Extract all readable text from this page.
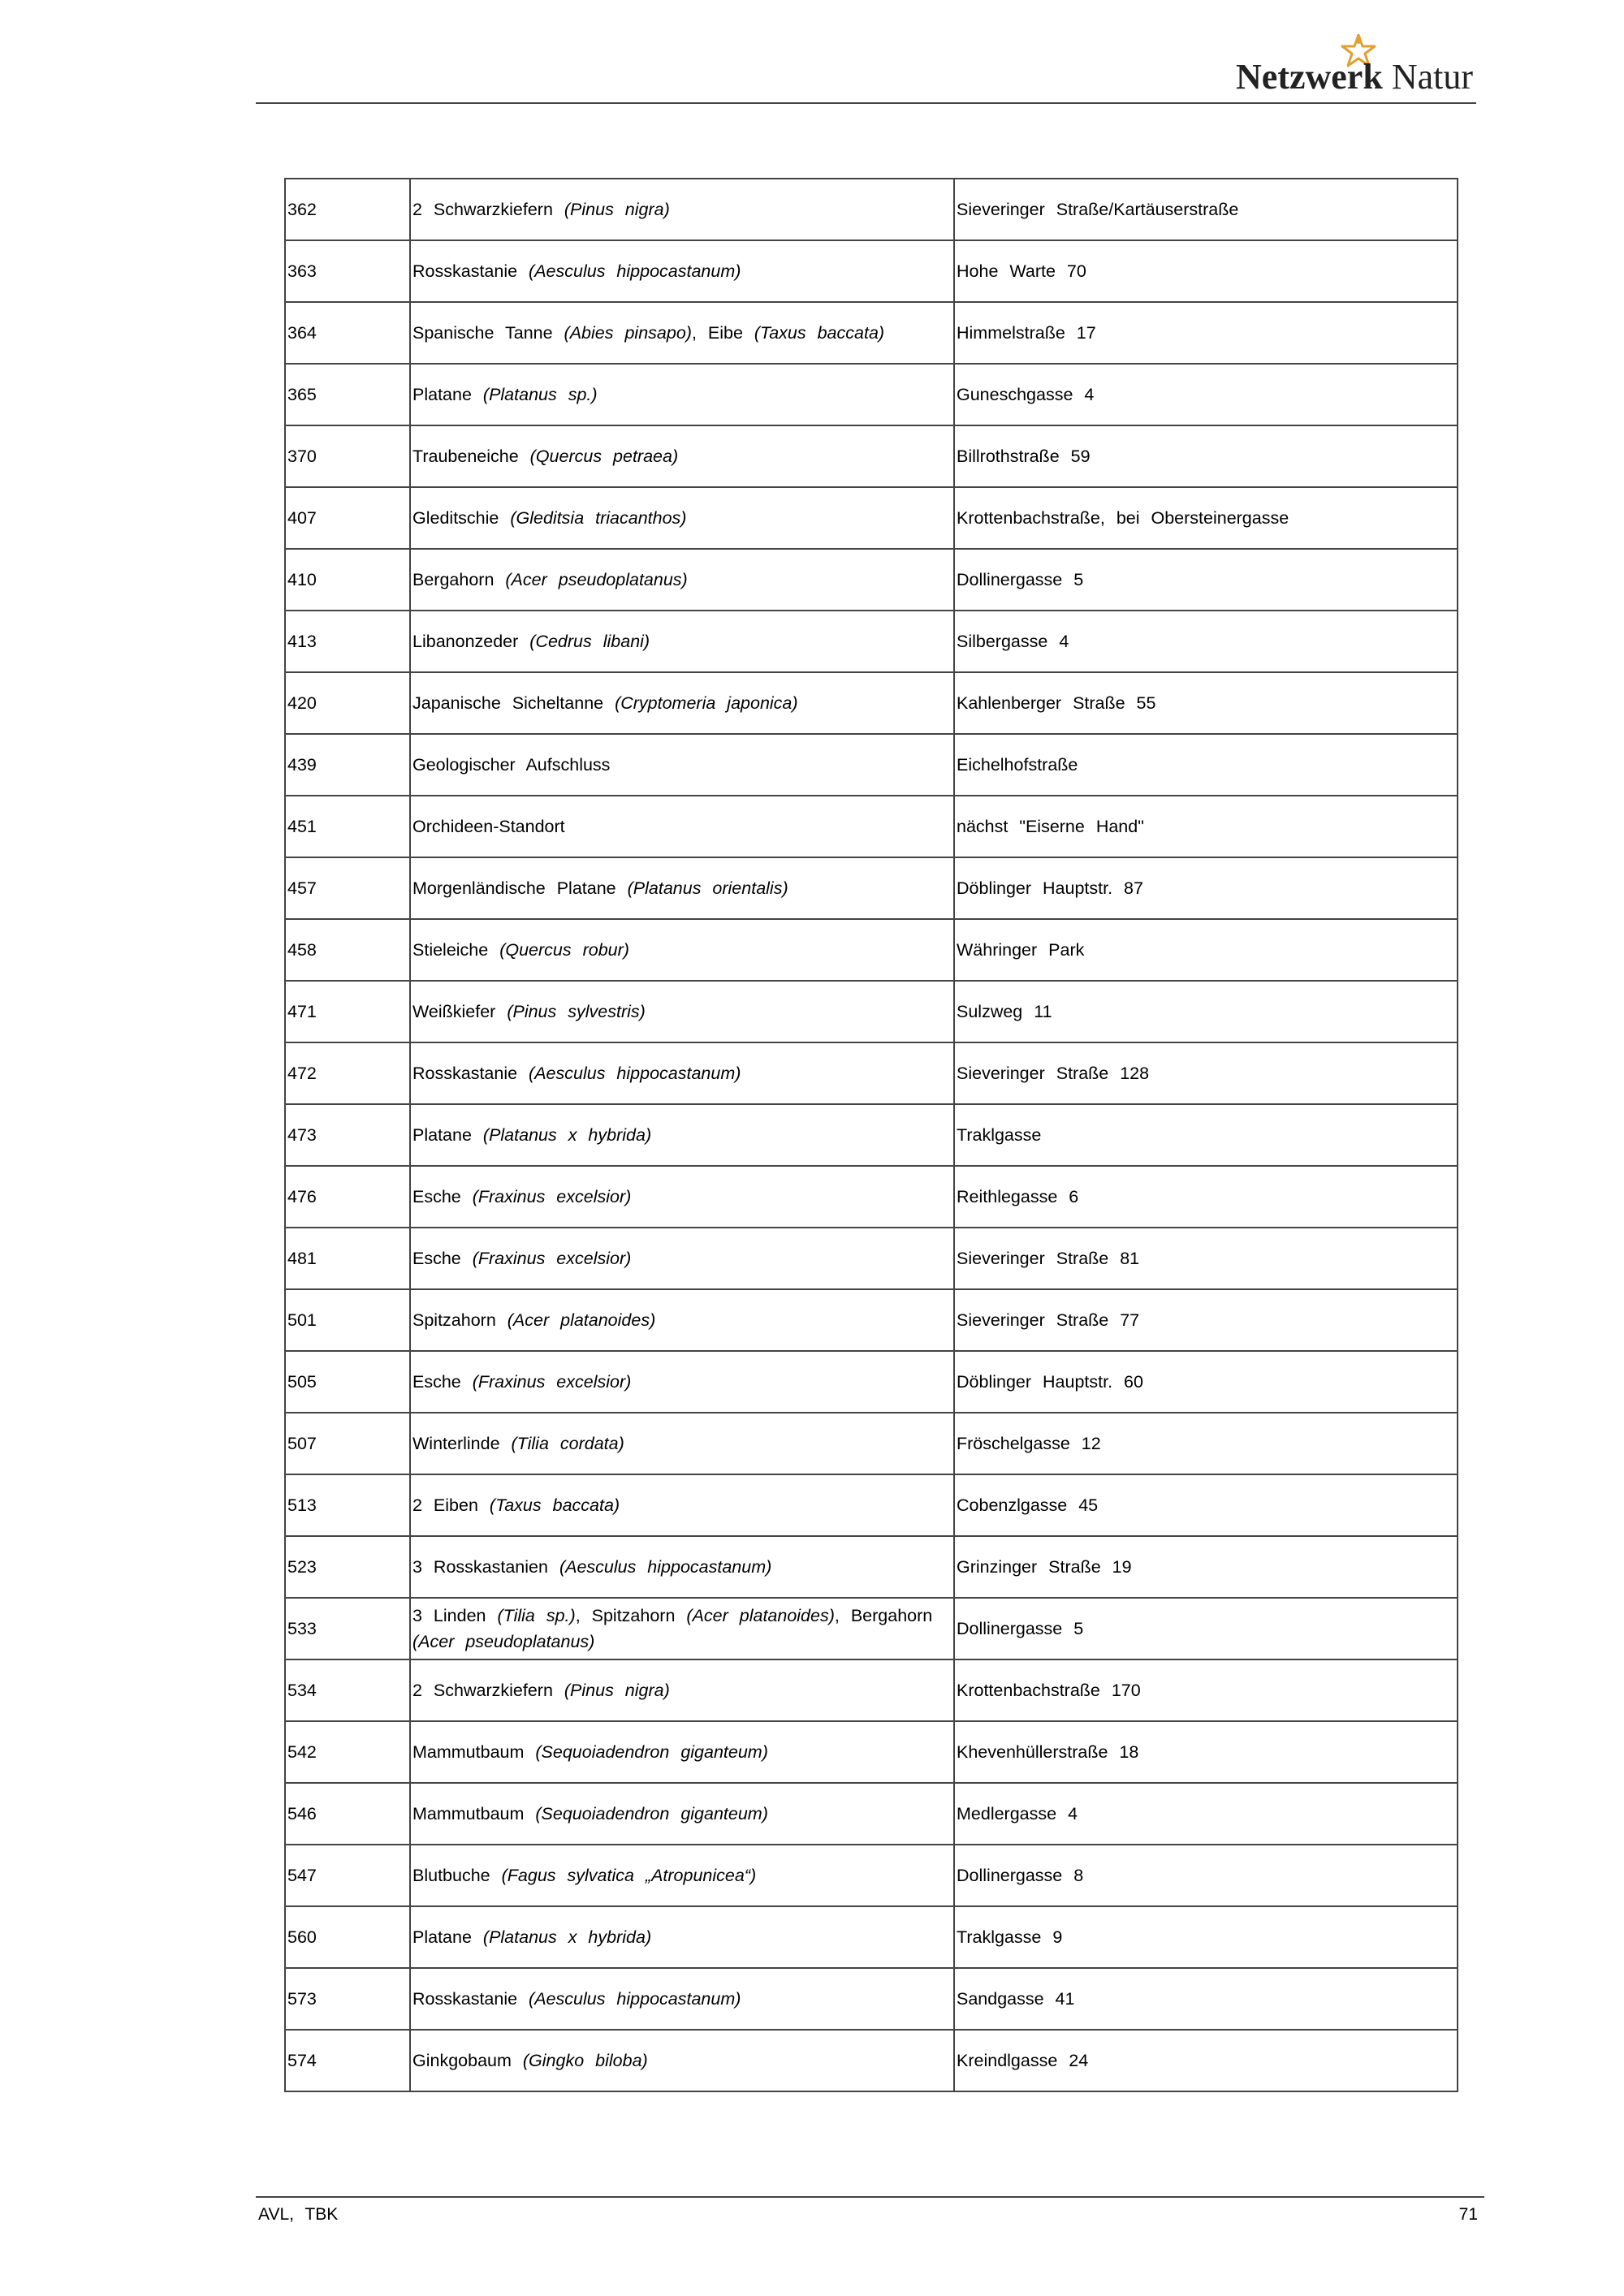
Netzwerk Natur
362	2 Schwarzkiefern (Pinus nigra)	Sieveringer Straße/Kartäuserstraße
363	Rosskastanie (Aesculus hippocastanum)	Hohe Warte 70
364	Spanische Tanne (Abies pinsapo), Eibe (Taxus baccata)	Himmelstraße 17
365	Platane (Platanus sp.)	Guneschgasse 4
370	Traubeneiche (Quercus petraea)	Billrothstraße 59
407	Gleditschie (Gleditsia triacanthos)	Krottenbachstraße, bei Obersteinergasse
410	Bergahorn (Acer pseudoplatanus)	Dollinergasse 5
413	Libanonzeder (Cedrus libani)	Silbergasse 4
420	Japanische Sicheltanne (Cryptomeria japonica)	Kahlenberger Straße 55
439	Geologischer Aufschluss	Eichelhofstraße
451	Orchideen-Standort	nächst "Eiserne Hand"
457	Morgenländische Platane (Platanus orientalis)	Döblinger Hauptstr. 87
458	Stieleiche (Quercus robur)	Währinger Park
471	Weißkiefer (Pinus sylvestris)	Sulzweg 11
472	Rosskastanie (Aesculus hippocastanum)	Sieveringer Straße 128
473	Platane (Platanus x hybrida)	Traklgasse
476	Esche (Fraxinus excelsior)	Reithlegasse 6
481	Esche (Fraxinus excelsior)	Sieveringer Straße 81
501	Spitzahorn (Acer platanoides)	Sieveringer Straße 77
505	Esche (Fraxinus excelsior)	Döblinger Hauptstr. 60
507	Winterlinde (Tilia cordata)	Fröschelgasse 12
513	2 Eiben (Taxus baccata)	Cobenzlgasse 45
523	3 Rosskastanien (Aesculus hippocastanum)	Grinzinger Straße 19
533	3 Linden (Tilia sp.), Spitzahorn (Acer platanoides), Bergahorn (Acer pseudoplatanus)	Dollinergasse 5
534	2 Schwarzkiefern (Pinus nigra)	Krottenbachstraße 170
542	Mammutbaum (Sequoiadendron giganteum)	Khevenhüllerstraße 18
546	Mammutbaum (Sequoiadendron giganteum)	Medlergasse 4
547	Blutbuche (Fagus sylvatica „Atropunicea“)	Dollinergasse 8
560	Platane (Platanus x hybrida)	Traklgasse 9
573	Rosskastanie (Aesculus hippocastanum)	Sandgasse 41
574	Ginkgobaum (Gingko biloba)	Kreindlgasse 24
AVL, TBK	71
